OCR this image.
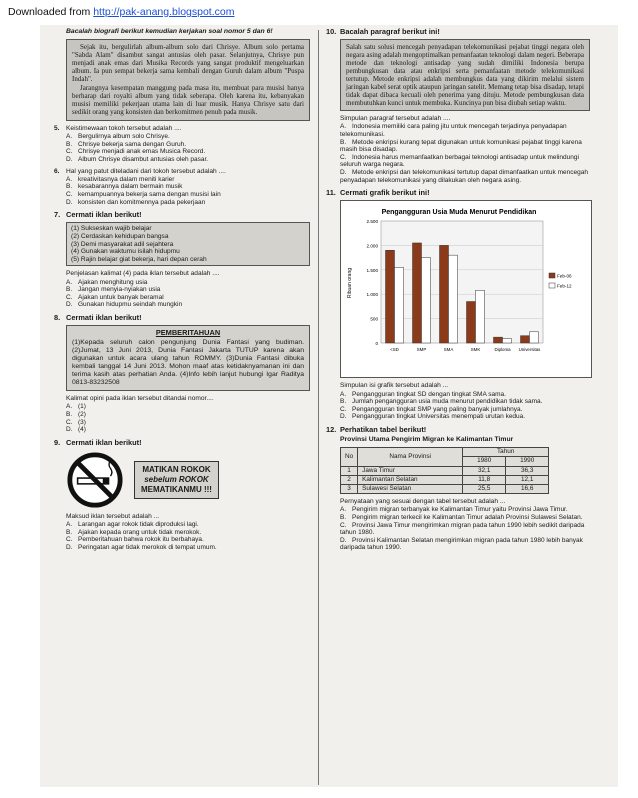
Downloaded from http://pak-anang.blogspot.com
Bacalah biografi berikut kemudian kerjakan soal nomor 5 dan 6!

Sejak itu, bergulirlah album-album solo dari Chrisye. Album solo pertama "Sabda Alam" disambut sangat antusias oleh pasar. Selanjutnya, Chrisye pun menjadi anak emas dari Musika Records yang sangat produktif mengeluarkan album. Ia pun sempat bekerja sama kembali dengan Guruh dalam album "Puspa Indah".

Jarangnya kesempatan manggung pada masa itu, membuat para musisi hanya berharap dari royalti album yang tidak seberapa. Oleh karena itu, kebanyakan musisi memiliki pekerjaan utama lain di luar musik. Hanya Chrisye satu dari sedikit orang yang konsisten dan berkomitmen penuh pada musik.

5. Keistimewaan tokoh tersebut adalah ....
A. Bergulirnya album solo Chrisye.
B. Chrisye bekerja sama dengan Guruh.
C. Chrisye menjadi anak emas Musica Record.
D. Album Chrisye disambut antusias oleh pasar.
6. Hal yang patut diteladani dari tokoh tersebut adalah ....
A. kreativitasnya dalam meniti karier
B. kesabarannya dalam bermain musik
C. kemampuannya bekerja sama dengan musisi lain
D. konsisten dan komitmennya pada pekerjaan
7. Cermati iklan berikut!
(1) Sukseskan wajib belajar
(2) Cerdaskan kehidupan bangsa
(3) Demi masyarakat adil sejahtera
(4) Gunakan waktumu isilah hidupmu
(5) Rajin belajar giat bekerja, hari depan cerah
Penjelasan kalimat (4) pada iklan tersebut adalah ....
A. Ajakan menghitung usia
B. Jangan menyia-nyiakan usia
C. Ajakan untuk banyak beramal
D. Gunakan hidupmu seindah mungkin
8. Cermati iklan berikut!
PEMBERITAHUAN
(1)Kepada seluruh calon pengunjung Dunia Fantasi yang budiman. (2)Jumat, 13 Juni 2013, Dunia Fantasi Jakarta TUTUP karena akan digunakan untuk acara ulang tahun ROMMY. (3)Dunia Fantasi dibuka kembali tanggal 14 Juni 2013. Mohon maaf atas ketidaknyamanan ini dan terima kasih atas perhatian Anda. (4)Info lebih lanjut hubungi Igar Raditya 0813-83232508
Kalimat opini pada iklan tersebut ditandai nomor....
A. (1)
B. (2)
C. (3)
D. (4)
9. Cermati iklan berikut!
MATIKAN ROKOK
sebelum ROKOK
MEMATIKANMU !!!
Maksud iklan tersebut adalah ...
A. Larangan agar rokok tidak diproduksi lagi.
B. Ajakan kepada orang untuk tidak merokok.
C. Pemberitahuan bahwa rokok itu berbahaya.
D. Peringatan agar tidak merokok di tempat umum.
10. Bacalah paragraf berikut ini!
Salah satu solusi mencegah penyadapan telekomunikasi pejabat tinggi negara oleh negara asing adalah mengoptimalkan pemanfaatan teknologi dalam negeri. Beberapa metode dan teknologi antisadap yang sudah dimiliki Indonesia berupa pembungkusan data atau enkripsi serta pemanfaatan metode telekomunikasi tertutup. Metode enkripsi adalah membungkus data yang dikirim melalui sistem jaringan kabel serat optik ataupun jaringan satelit. Memang tetap bisa disadap, tetapi tidak dapat dibaca kecuali oleh penerima yang dituju. Metode pembungkusan data membutuhkan kunci untuk membuka. Kuncinya pun bisa diubah setiap waktu.
Simpulan paragraf tersebut adalah ....
A. Indonesia memiliki cara paling jitu untuk mencegah terjadinya penyadapan telekomunikasi.
B. Metode enkripsi kurang tepat digunakan untuk komunikasi pejabat tinggi karena masih bisa disadap.
C. Indonesia harus memanfaatkan berbagai teknologi antisadap untuk melindungi seluruh warga negara.
D. Metode enkripsi dan telekomunikasi tertutup dapat dimanfaatkan untuk mencegah penyadapan telekomunikasi yang dilakukan oleh negara asing.
11. Cermati grafik berikut ini!
Pengangguran Usia Muda Menurut Pendidikan
0
500
1.000
1.500
2.000
2.500
<SD	SMP	SMA	SMK	Diploma Universitas
Ribuan orang	Feb-06
Feb-12
Simpulan isi grafik tersebut adalah ...
A. Pengangguran tingkat SD dengan tingkat SMA sama.
B. Jumlah pengangguran usia muda menurut pendidikan tidak sama.
C. Pengangguran tingkat SMP yang paling banyak jumlahnya.
D. Pengangguran tingkat Universitas menempati urutan kedua.
12. Perhatikan tabel berikut!
Provinsi Utama Pengirim Migran ke Kalimantan Timur
No	Nama Provinsi	Tahun	
		1980	1990
1	Jawa Timur	32,1	36,3
2	Kalimantan Selatan	11,8	12,1
3	Sulawesi Selatan	25,5	16,6
Pernyataan yang sesuai dengan tabel tersebut adalah ...
A. Pengirim migran terbanyak ke Kalimantan Timur yaitu Provinsi Jawa Timur.
B. Pengirim migran terkecil ke Kalimantan Timur adalah Provinsi Sulawesi Selatan.
C. Provinsi Jawa Timur mengirimkan migran pada tahun 1990 lebih sedikit daripada tahun 1980.
D. Provinsi Kalimantan Selatan mengirimkan migran pada tahun 1980 lebih banyak daripada tahun 1990.
